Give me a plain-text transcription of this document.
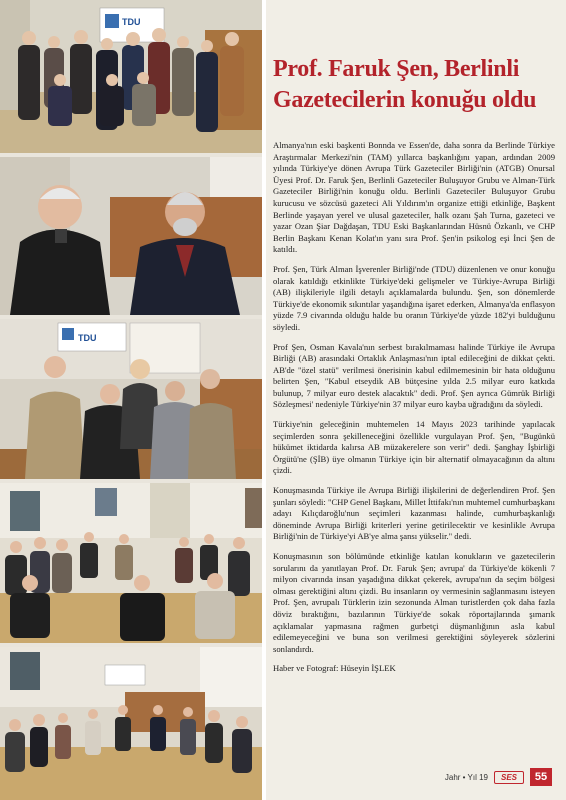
TDU
TDU
Prof. Faruk Şen, Berlinli Gazetecilerin konuğu oldu

Almanya'nın eski başkenti Bonnda ve Essen'de, daha sonra da Berlinde Türkiye Araştırmalar Merkezi'nin (TAM) yıllarca başkanlığını yapan, ardından 2009 yılında Türkiye'ye dönen Avrupa Türk Gazeteciler Birliği'nin (ATGB) Onursal Üyesi Prof. Dr. Faruk Şen, Berlinli Gazeteciler Buluşuyor Grubu ve Alman-Türk Gazeteciler Birliği'nin konuğu oldu. Berlinli Gazeteciler Buluşuyor Grubu kurucusu ve sözcüsü gazeteci Ali Yıldırım'ın organize ettiği etkinliğe, Başkent Berlinde yaşayan yerel ve ulusal gazeteciler, halk ozanı Şah Turna, gazeteci ve yazar Ozan Şiar Dağdaşan, TDU Eski Başkanlarından Hüsnü Özkanlı, ve CHP Berlin Başkanı Kenan Kolat'ın yanı sıra Prof. Şen'in psikolog eşi İnci Şen de katıldı.

Prof. Şen, Türk Alman İşverenler Birliği'nde (TDU) düzenlenen ve onur konuğu olarak katıldığı etkinlikte Türkiye'deki gelişmeler ve Türkiye-Avrupa Birliği (AB) ilişkileriyle ilgili detaylı açıklamalarda bulundu. Şen, son dönemlerde Türkiye'de ekonomik sıkıntılar yaşandığına işaret ederken, Almanya'da enflasyon yüzde 7.9 civarında olduğu halde bu oranın Türkiye'de yüzde 182'yi bulduğunu söyledi.

Prof Şen, Osman Kavala'nın serbest bırakılmaması halinde Türkiye ile Avrupa Birliği (AB) arasındaki Ortaklık Anlaşması'nın iptal edileceğini de dikkat çekti. AB'de "özel statü" verilmesi önerisinin kabul edilmemesinin bir hata olduğunu belirten Şen, "Kabul etseydik AB bütçesine yılda 2.5 milyar euro katkıda bulunup, 7 milyar euro destek alacaktık" dedi. Prof. Şen ayrıca Gümrük Birliği Sözleşmesi' nedeniyle Türkiye'nin 37 milyar euro kayba uğradığını da söyledi.

Türkiye'nin geleceğinin muhtemelen 14 Mayıs 2023 tarihinde yapılacak seçimlerden sonra şekilleneceğini özellikle vurgulayan Prof. Şen, "Bugünkü hükümet iktidarda kalırsa AB müzakerelere son verir" dedi. Şanghay İşbirliği Örgütü'ne (ŞİB) üye olmanın Türkiye için bir alternatif olmayacağının da altını çizdi.

Konuşmasında Türkiye ile Avrupa Birliği ilişkilerini de değerlendiren Prof. Şen şunları söyledi: "CHP Genel Başkanı, Millet İttifakı'nın muhtemel cumhurbaşkanı adayı Kılıçdaroğlu'nun seçimleri kazanması halinde, cumhurbaşkanlığı döneminde Avrupa Birliği kriterleri yerine getirilecektir ve kesinlikle Avrupa Birliği'nin de Türkiye'yi AB'ye alma şansı yükselir." dedi.

Konuşmasının son bölümünde etkinliğe katılan konukların ve gazetecilerin sorularını da yanıtlayan Prof. Dr. Faruk Şen; avrupa' da Türkiye'de kökenli 7 milyon civarında insan yaşadığına dikkat çekerek, avrupa'nın da seçim bölgesi olması gerektiğini altını çizdi. Bu insanların oy vermesinin sağlanmasını isteyen Prof. Şen, avrupalı Türklerin izin sezonunda Alman turistlerden çok daha fazla döviz bıraktığını, bazılarının Türkiye'de sokak röportajlarında şımarık açıklamalar yapmasına rağmen gurbetçi düşmanlığının asla kabul edilemeyeceğini ve buna son verilmesi gerektiğini söyleyerek sözlerini sonlandırdı.

Haber ve Fotograf: Hüseyin İŞLEK

Jahr • Yıl 19	SES	55
